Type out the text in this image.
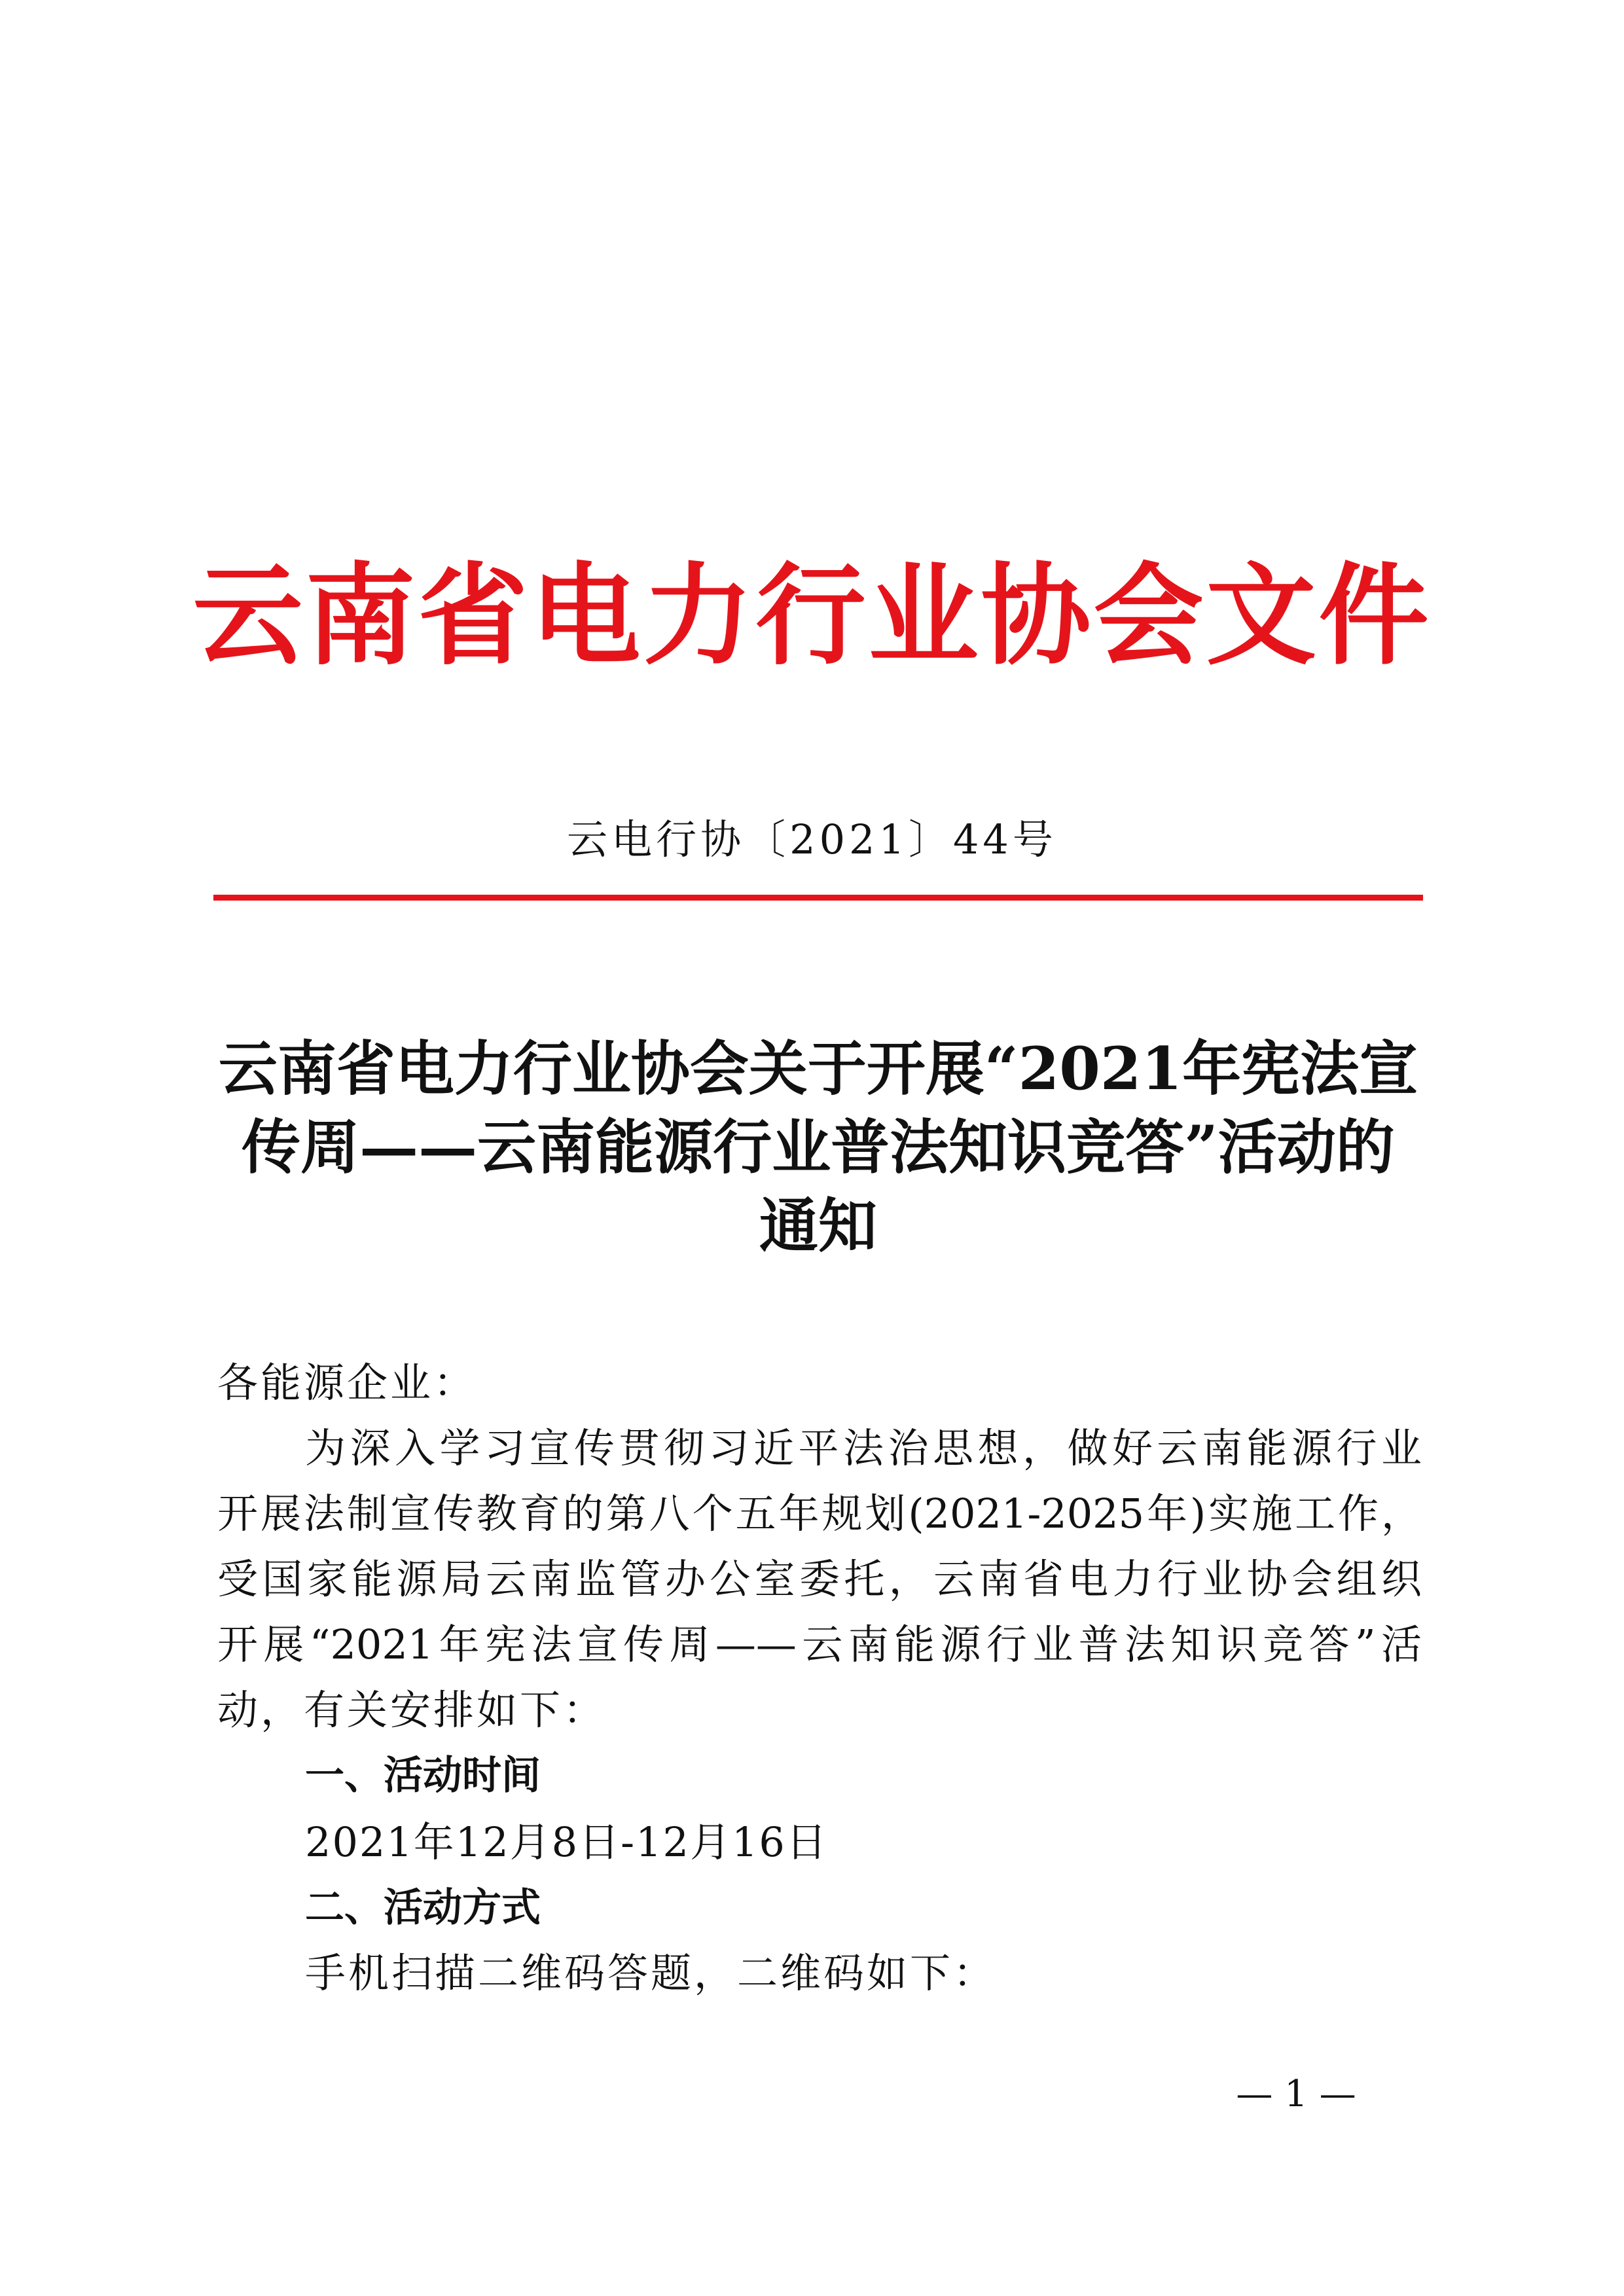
云南省电力行业协会文件
云电行协〔2021〕44号
云南省电力行业协会关于开展“2021年宪法宣
传周——云南能源行业普法知识竞答”活动的
通知
各能源企业：
为深入学习宣传贯彻习近平法治思想，做好云南能源行业
开展法制宣传教育的第八个五年规划(2021-2025年)实施工作，
受国家能源局云南监管办公室委托，云南省电力行业协会组织
开展“2021年宪法宣传周——云南能源行业普法知识竞答”活
动，有关安排如下：
一、活动时间
2021年12月8日-12月16日
二、活动方式
手机扫描二维码答题，二维码如下：
— 1 —
